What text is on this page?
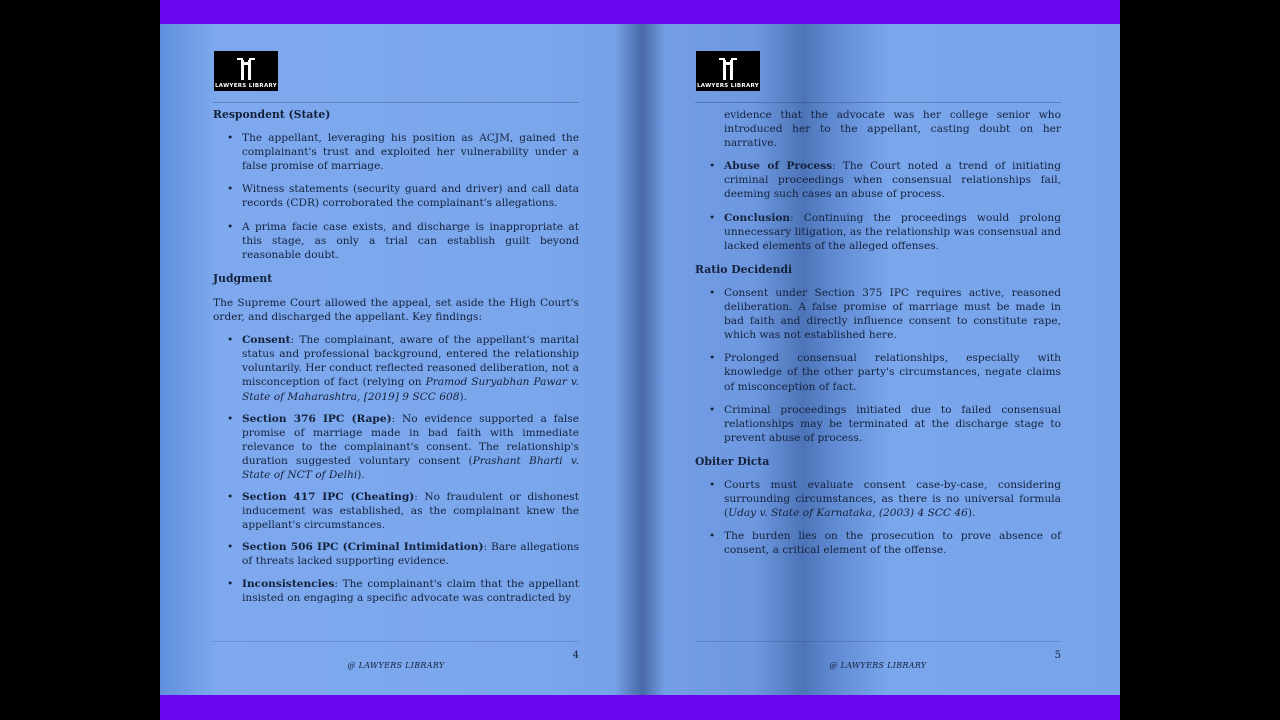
LAWYERS LIBRARY
Respondent (State)
• The appellant, leveraging his position as ACJM, gained the complainant's trust and exploited her vulnerability under a false promise of marriage.
• Witness statements (security guard and driver) and call data records (CDR) corroborated the complainant's allegations.
• A prima facie case exists, and discharge is inappropriate at this stage, as only a trial can establish guilt beyond reasonable doubt.
Judgment

The Supreme Court allowed the appeal, set aside the High Court's order, and discharged the appellant. Key findings:

• Consent: The complainant, aware of the appellant's marital status and professional background, entered the relationship voluntarily. Her conduct reflected reasoned deliberation, not a misconception of fact (relying on Pramod Suryabhan Pawar v. State of Maharashtra, [2019] 9 SCC 608).
• Section 376 IPC (Rape): No evidence supported a false promise of marriage made in bad faith with immediate relevance to the complainant's consent. The relationship's duration suggested voluntary consent (Prashant Bharti v. State of NCT of Delhi).
• Section 417 IPC (Cheating): No fraudulent or dishonest inducement was established, as the complainant knew the appellant's circumstances.
• Section 506 IPC (Criminal Intimidation): Bare allegations of threats lacked supporting evidence.
• Inconsistencies: The complainant's claim that the appellant insisted on engaging a specific advocate was contradicted by
4
@ LAWYERS LIBRARY
LAWYERS LIBRARY

evidence that the advocate was her college senior who introduced her to the appellant, casting doubt on her narrative.

• Abuse of Process: The Court noted a trend of initiating criminal proceedings when consensual relationships fail, deeming such cases an abuse of process.
• Conclusion: Continuing the proceedings would prolong unnecessary litigation, as the relationship was consensual and lacked elements of the alleged offenses.
Ratio Decidendi
• Consent under Section 375 IPC requires active, reasoned deliberation. A false promise of marriage must be made in bad faith and directly influence consent to constitute rape, which was not established here.
• Prolonged consensual relationships, especially with knowledge of the other party's circumstances, negate claims of misconception of fact.
• Criminal proceedings initiated due to failed consensual relationships may be terminated at the discharge stage to prevent abuse of process.
Obiter Dicta
• Courts must evaluate consent case-by-case, considering surrounding circumstances, as there is no universal formula (Uday v. State of Karnataka, (2003) 4 SCC 46).
• The burden lies on the prosecution to prove absence of consent, a critical element of the offense.
5
@ LAWYERS LIBRARY
